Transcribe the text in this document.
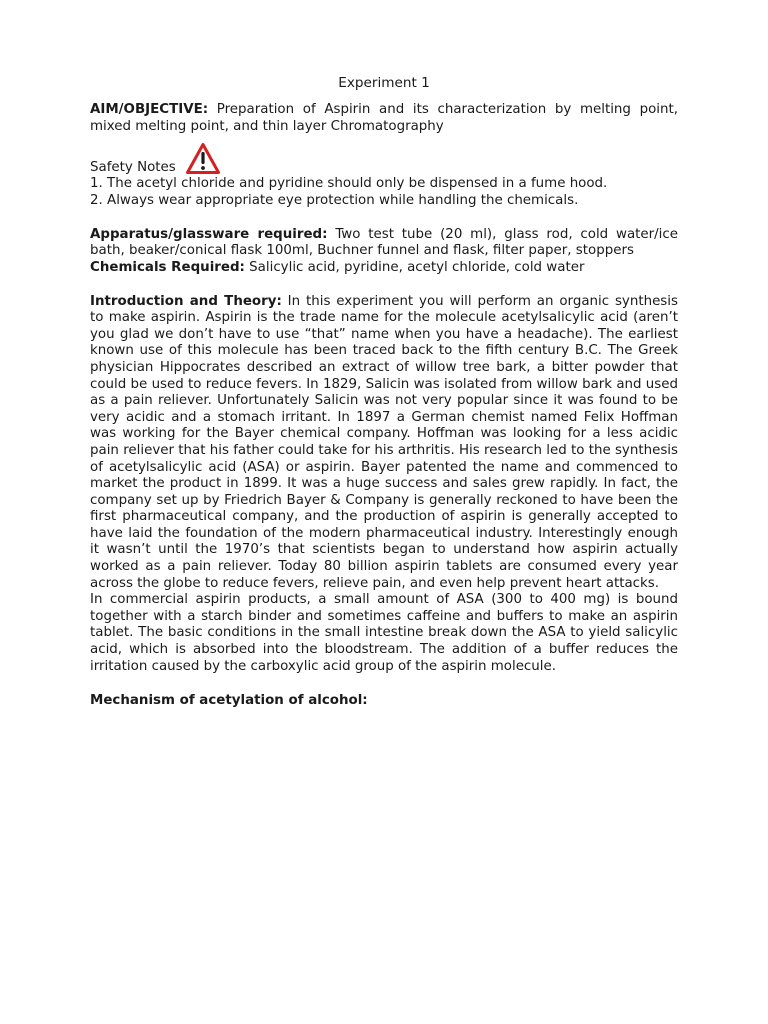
Experiment 1

AIM/OBJECTIVE: Preparation of Aspirin and its characterization by melting point, mixed melting point, and thin layer Chromatography

Safety Notes

1. The acetyl chloride and pyridine should only be dispensed in a fume hood.

2. Always wear appropriate eye protection while handling the chemicals.

Apparatus/glassware required: Two test tube (20 ml), glass rod, cold water/ice bath, beaker/conical flask 100ml, Buchner funnel and flask, filter paper, stoppers

Chemicals Required: Salicylic acid, pyridine, acetyl chloride, cold water

Introduction and Theory: In this experiment you will perform an organic synthesis to make aspirin. Aspirin is the trade name for the molecule acetylsalicylic acid (aren’t you glad we don’t have to use “that” name when you have a headache). The earliest known use of this molecule has been traced back to the fifth century B.C. The Greek physician Hippocrates described an extract of willow tree bark, a bitter powder that could be used to reduce fevers. In 1829, Salicin was isolated from willow bark and used as a pain reliever. Unfortunately Salicin was not very popular since it was found to be very acidic and a stomach irritant. In 1897 a German chemist named Felix Hoffman was working for the Bayer chemical company. Hoffman was looking for a less acidic pain reliever that his father could take for his arthritis. His research led to the synthesis of acetylsalicylic acid (ASA) or aspirin. Bayer patented the name and commenced to market the product in 1899. It was a huge success and sales grew rapidly. In fact, the company set up by Friedrich Bayer & Company is generally reckoned to have been the first pharmaceutical company, and the production of aspirin is generally accepted to have laid the foundation of the modern pharmaceutical industry. Interestingly enough it wasn’t until the 1970’s that scientists began to understand how aspirin actually worked as a pain reliever. Today 80 billion aspirin tablets are consumed every year across the globe to reduce fevers, relieve pain, and even help prevent heart attacks.

In commercial aspirin products, a small amount of ASA (300 to 400 mg) is bound together with a starch binder and sometimes caffeine and buffers to make an aspirin tablet. The basic conditions in the small intestine break down the ASA to yield salicylic acid, which is absorbed into the bloodstream. The addition of a buffer reduces the irritation caused by the carboxylic acid group of the aspirin molecule.

Mechanism of acetylation of alcohol:
